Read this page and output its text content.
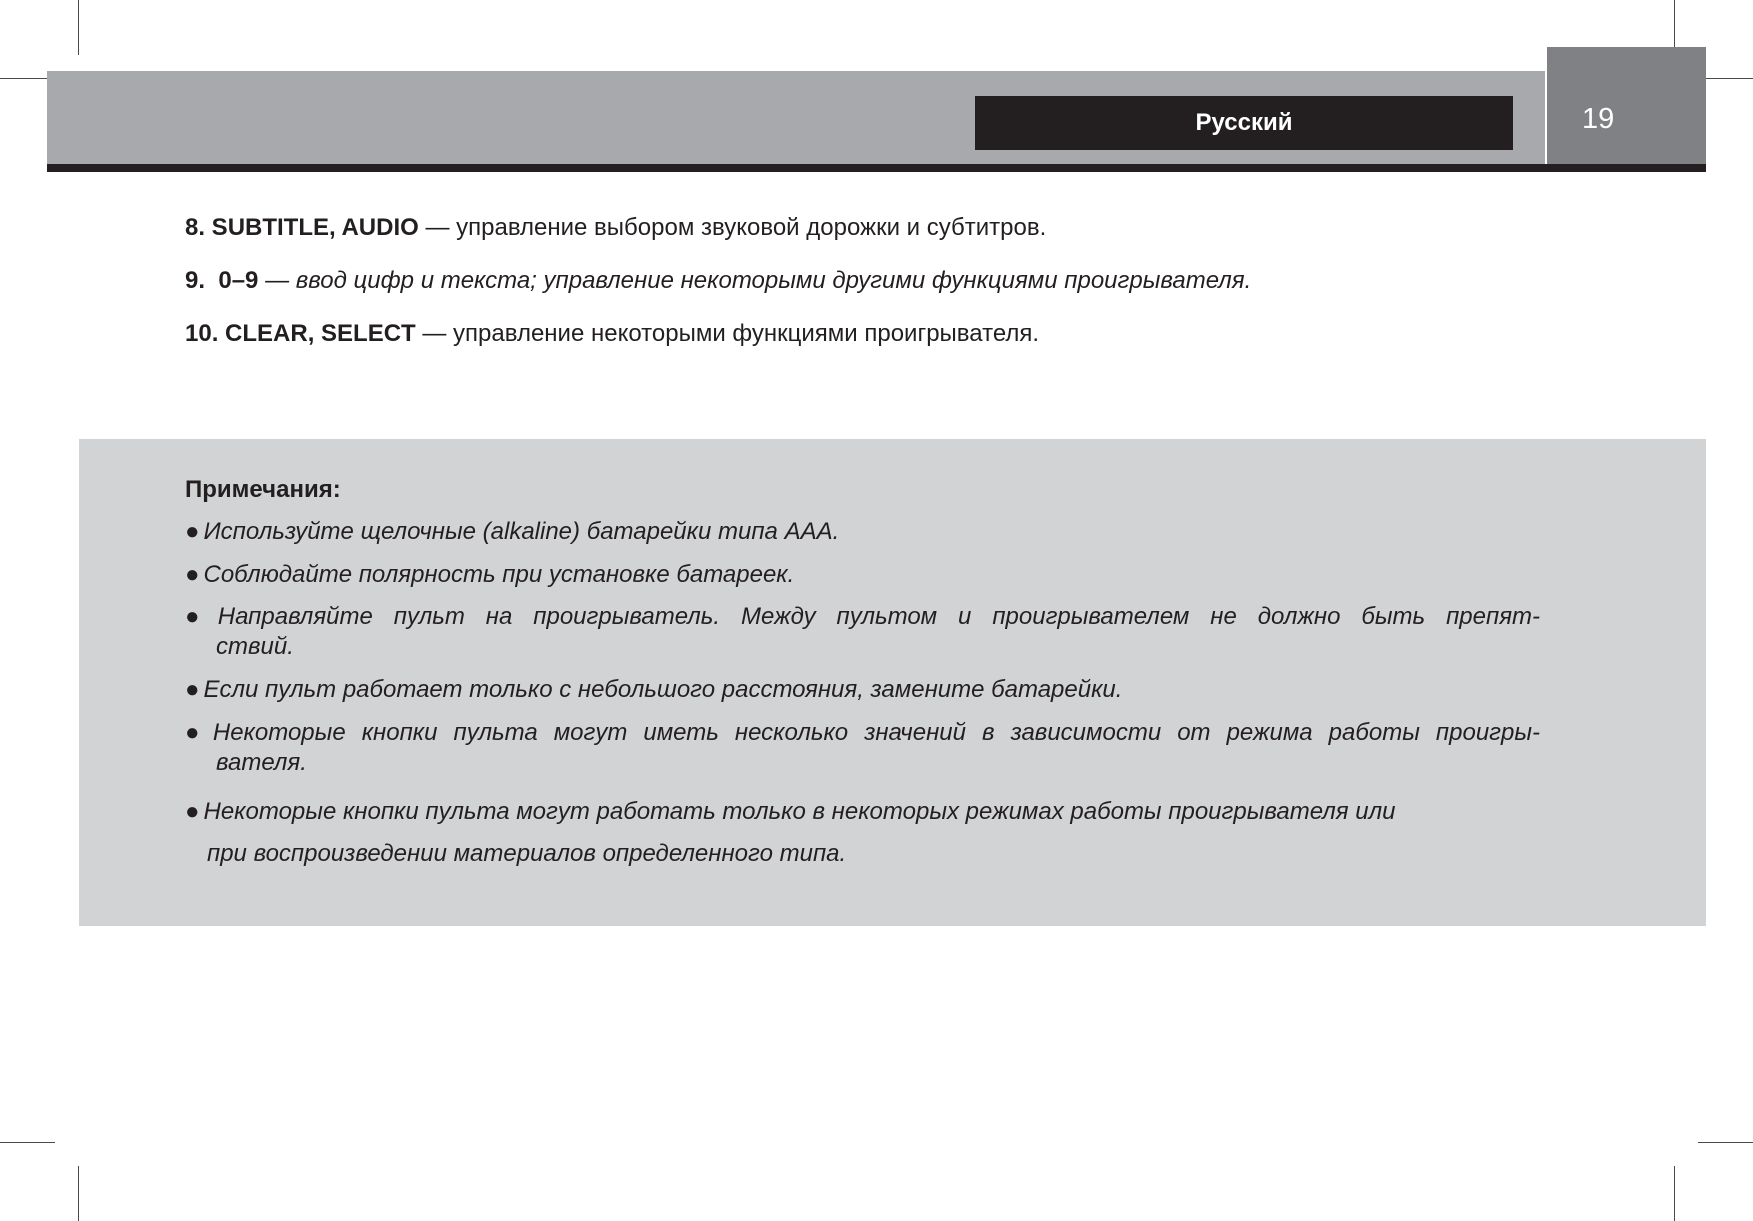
Русский	19
8. SUBTITLE, AUDIO — управление выбором звуковой дорожки и субтитров.
9.  0–9 — ввод цифр и текста; управление некоторыми другими функциями проигрывателя.
10. CLEAR, SELECT — управление некоторыми функциями проигрывателя.
Примечания:
● Используйте щелочные (alkaline) батарейки типа AAA.
● Соблюдайте полярность при установке батареек.
● Направляйте пульт на проигрыватель. Между пультом и проигрывателем не должно быть препят-
ствий.
● Если пульт работает только с небольшого расстояния, замените батарейки.
● Некоторые кнопки пульта могут иметь несколько значений в зависимости от режима работы проигры-
вателя.
● Некоторые кнопки пульта могут работать только в некоторых режимах работы проигрывателя или
при воспроизведении материалов определенного типа.
